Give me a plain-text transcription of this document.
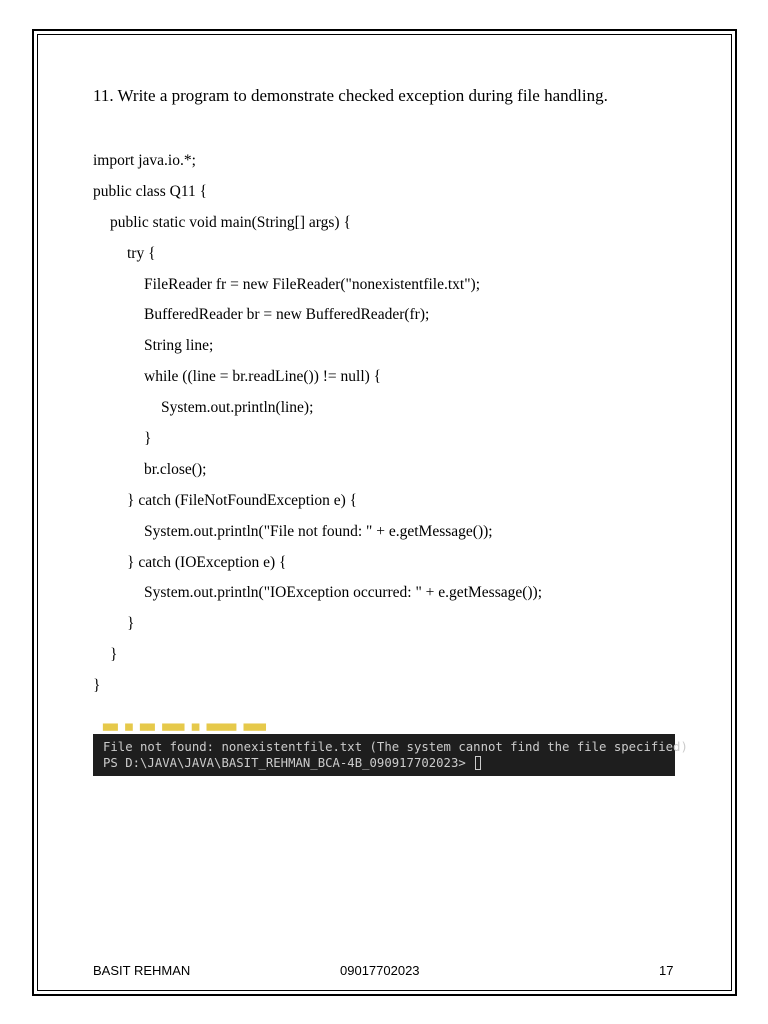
11. Write a program to demonstrate checked exception during file handling.
import java.io.*;
public class Q11 {
public static void main(String[] args) {
try {
FileReader fr = new FileReader("nonexistentfile.txt");
BufferedReader br = new BufferedReader(fr);
String line;
while ((line = br.readLine()) != null) {
System.out.println(line);
}
br.close();
} catch (FileNotFoundException e) {
System.out.println("File not found: " + e.getMessage());
} catch (IOException e) {
System.out.println("IOException occurred: " + e.getMessage());
}
}
}
▀▀ ▀ ▀▀ ▀▀▀ ▀ ▀▀▀▀ ▀▀▀
File not found: nonexistentfile.txt (The system cannot find the file specified)
PS D:\JAVA\JAVA\BASIT_REHMAN_BCA-4B_090917702023>
BASIT REHMAN	09017702023	17
